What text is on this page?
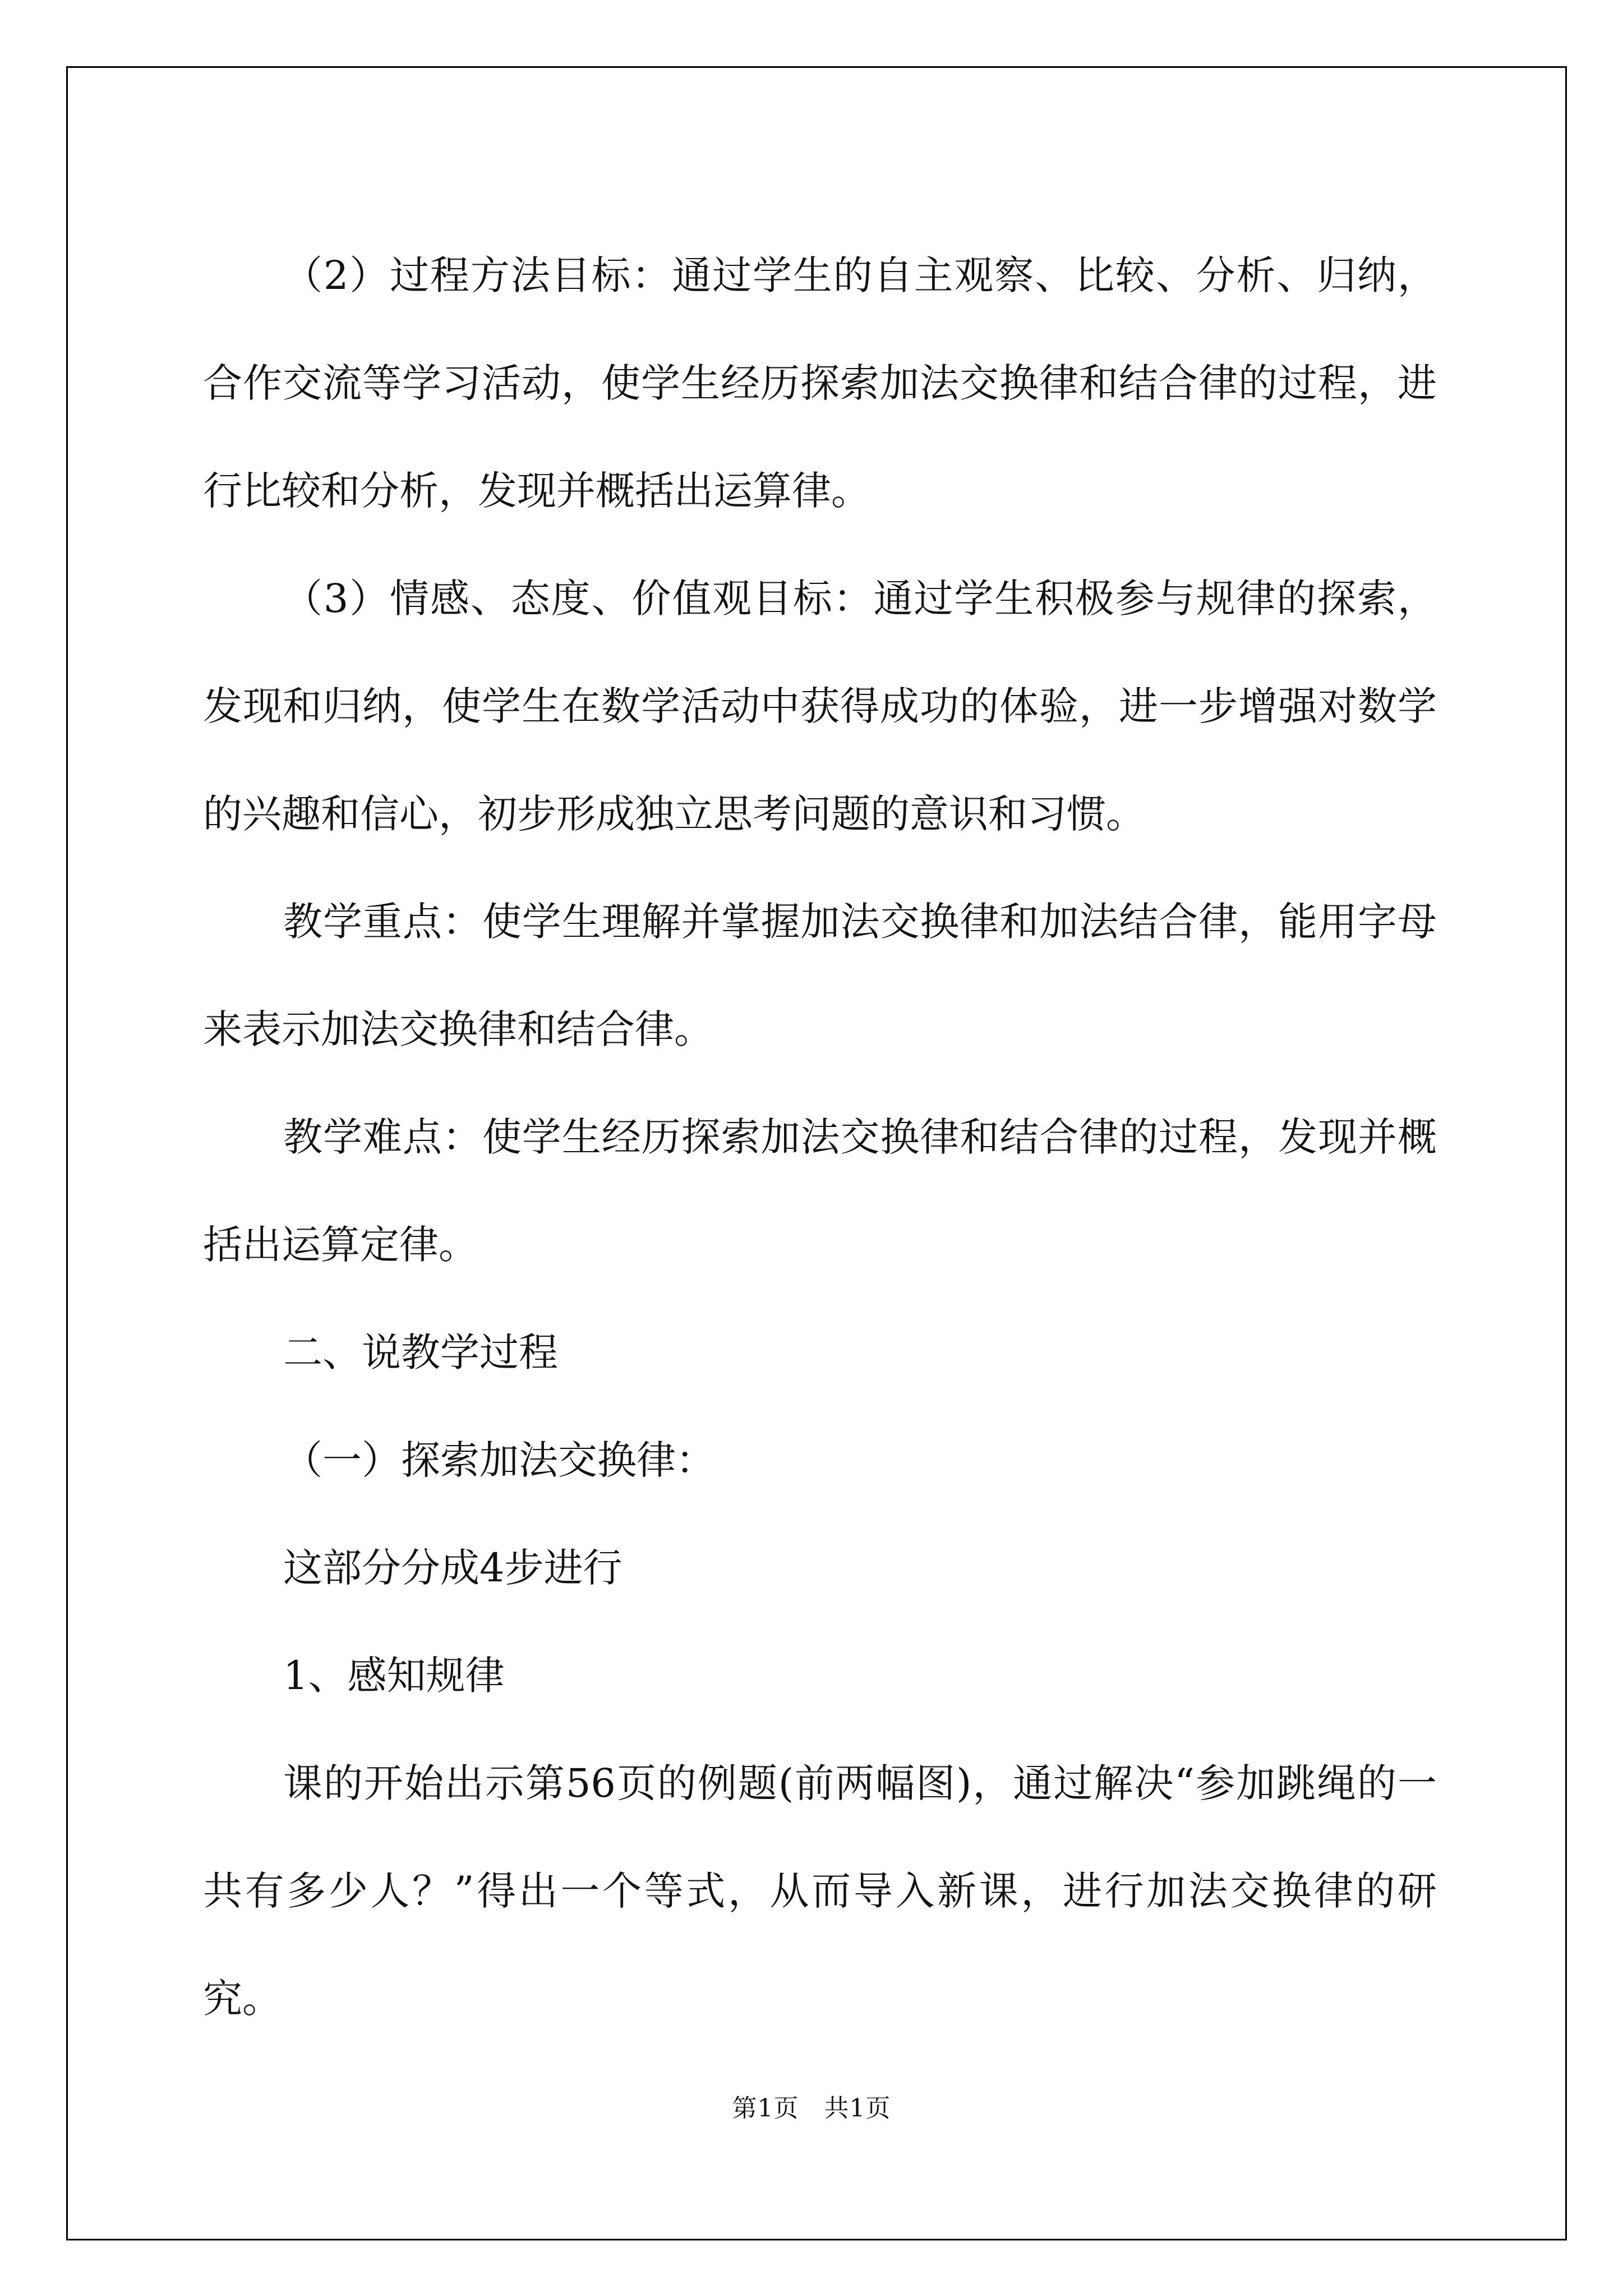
（2）过程方法目标：通过学生的自主观察、比较、分析、归纳，合作交流等学习活动，使学生经历探索加法交换律和结合律的过程，进行比较和分析，发现并概括出运算律。

（3）情感、态度、价值观目标：通过学生积极参与规律的探索，发现和归纳，使学生在数学活动中获得成功的体验，进一步增强对数学的兴趣和信心，初步形成独立思考问题的意识和习惯。

教学重点：使学生理解并掌握加法交换律和加法结合律，能用字母来表示加法交换律和结合律。

教学难点：使学生经历探索加法交换律和结合律的过程，发现并概括出运算定律。

二、说教学过程

（一）探索加法交换律：

这部分分成4步进行

1、感知规律

课的开始出示第56页的例题(前两幅图)，通过解决“参加跳绳的一共有多少人？”得出一个等式，从而导入新课，进行加法交换律的研究。

第1页　共1页
